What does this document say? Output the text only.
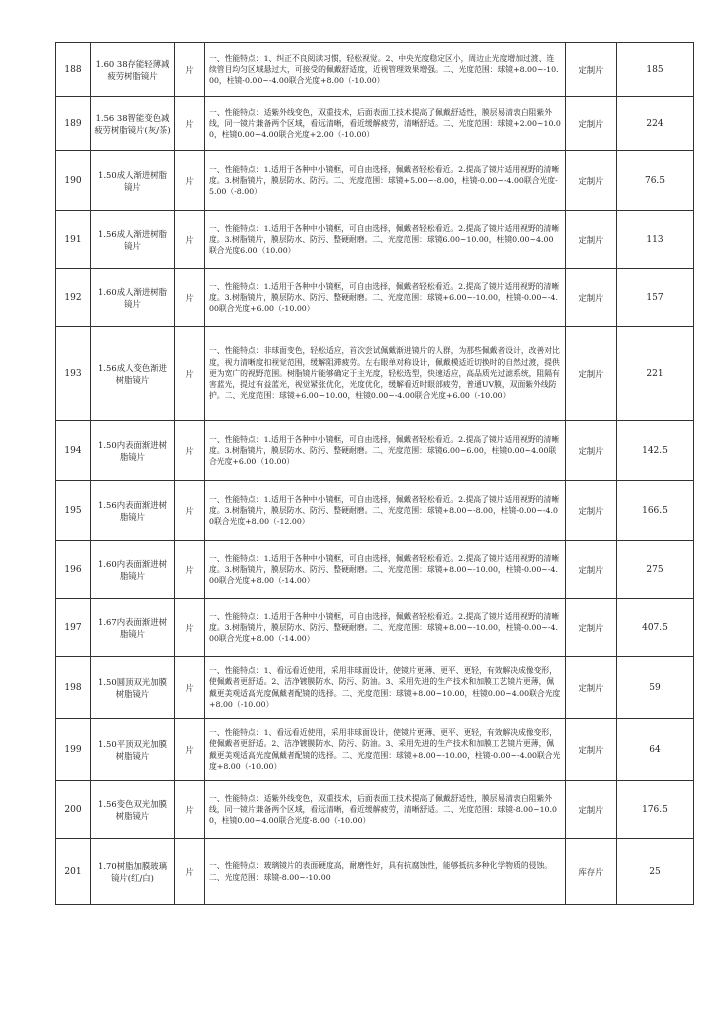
188	1.60 38存能轻薄减疲劳树脂镜片	片	一、性能特点：1、纠正不良阅读习惯，轻松视觉。2、中央光度稳定区小，周边止光度增加过渡、连续管目均匀区域悬过大，可接受的佩戴舒适度，近视管理效果增强。二、光度范围：球镜+8.00~-10.00，柱镜-0.00~-4.00联合光度+8.00（-10.00）	定制片	185
189	1.56 38智能变色减疲劳树脂镜片(灰/茶)	片	一、性能特点：适紫外线变色，双重技术，后面表面工技术提高了佩戴舒适性，膜层易清衷白阻紫外线，同一镜片兼备两个区域，看远清晰，看近缓解疲劳，清晰舒适。二、光度范围：球镜+2.00~10.00，柱镜0.00~4.00联合光度+2.00（-10.00）	定制片	224
190	1.50成人渐进树脂镜片	片	一、性能特点：1.适用于各种中小镜框，可自由选择，佩戴者轻松看近。2.提高了镜片适用视野的清晰度。3.树脂镜片，膜层防水、防污。二、光度范围：球镜+5.00~-8.00，柱镜-0.00~-4.00联合光度-5.00（-8.00）	定制片	76.5
191	1.56成人渐进树脂镜片	片	一、性能特点：1.适用于各种中小镜框，可自由选择，佩戴者轻松看近。2.提高了镜片适用视野的清晰度。3.树脂镜片，膜层防水、防污、整硬耐磨。二、光度范围：球镜6.00~10.00，柱镜0.00~4.00联合光度6.00（10.00）	定制片	113
192	1.60成人渐进树脂镜片	片	一、性能特点：1.适用于各种中小镜框，可自由选择，佩戴者轻松看近。2.提高了镜片适用视野的清晰度。3.树脂镜片，膜层防水、防污、整硬耐磨。二、光度范围：球镜+6.00~-10.00，柱镜-0.00~-4.00联合光度+6.00（-10.00）	定制片	157
193	1.56成人变色渐进树脂镜片	片	一、性能特点：非球面变色，轻松适应，首次尝试佩戴渐进镜片的人群，为那些佩戴者设计，改善对比度，视力清晰度扣视觉范围，缓解阻滞疲劳。左右眼单对称设计，佩戴模适近切换时的自然过渡，提供更为宽广的视野范围。树脂镜片能够确定于主光度，轻松选型，快速适应，高品质光过滤系统，阻隔有害蓝光，提过有益蓝光，视觉紧张优化，光度优化，缓解看近时眼部疲劳，普通UV膜，双面紫外线防护。二、光度范围：球镜+6.00~10.00，柱镜0.00~-4.00联合光度+6.00（-10.00）	定制片	221
194	1.50内表面渐进树脂镜片	片	一、性能特点：1.适用于各种中小镜框，可自由选择，佩戴者轻松看近。2.提高了镜片适用视野的清晰度。3.树脂镜片，膜层防水、防污、整硬耐磨。二、光度范围：球镜6.00~6.00，柱镜0.00~4.00联合光度+6.00（10.00）	定制片	142.5
195	1.56内表面渐进树脂镜片	片	一、性能特点：1.适用于各种中小镜框，可自由选择，佩戴者轻松看近。2.提高了镜片适用视野的清晰度。3.树脂镜片，膜层防水、防污、整硬耐磨。二、光度范围：球镜+8.00~-8.00，柱镜-0.00~-4.00联合光度+8.00（-12.00）	定制片	166.5
196	1.60内表面渐进树脂镜片	片	一、性能特点：1.适用于各种中小镜框，可自由选择，佩戴者轻松看近。2.提高了镜片适用视野的清晰度。3.树脂镜片，膜层防水、防污、整硬耐磨。二、光度范围：球镜+8.00~-10.00，柱镜-0.00~-4.00联合光度+8.00（-14.00）	定制片	275
197	1.67内表面渐进树脂镜片	片	一、性能特点：1.适用于各种中小镜框，可自由选择，佩戴者轻松看近。2.提高了镜片适用视野的清晰度。3.树脂镜片，膜层防水、防污、整硬耐磨。二、光度范围：球镜+8.00~-10.00，柱镜-0.00~-4.00联合光度+8.00（-14.00）	定制片	407.5
198	1.50圆顶双光加膜树脂镜片	片	一、性能特点：1、看远看近使用，采用非球面设计，使镜片更薄、更平、更轻，有效解决成像变形，使佩戴者更舒适。2、洁净镀膜防水、防污、防油。3、采用先进的生产技术和加膜工艺镜片更薄，佩戴更美观适高光度佩戴者配镜的选择。二、光度范围：球镜+8.00~10.00，柱镜0.00~4.00联合光度+8.00（-10.00）	定制片	59
199	1.50平顶双光加膜树脂镜片	片	一、性能特点：1、看远看近使用，采用非球面设计，使镜片更薄、更平、更轻，有效解决成像变形，使佩戴者更舒适。2、洁净镀膜防水、防污、防油。3、采用先进的生产技术和加膜工艺镜片更薄，佩戴更美观适高光度佩戴者配镜的选择。二、光度范围：球镜+8.00~-10.00，柱镜-0.00~-4.00联合光度+8.00（-10.00）	定制片	64
200	1.56变色双光加膜树脂镜片	片	一、性能特点：适紫外线变色，双重技术，后面表面工技术提高了佩戴舒适性，膜层易清衷白阻紫外线，同一镜片兼备两个区域，看远清晰，看近缓解疲劳，清晰舒适。二、光度范围：球镜-8.00~10.00，柱镜0.00~4.00联合光度-8.00（-10.00）	定制片	176.5
201	1.70树脂加膜玻璃镜片(红/白)	片	一、性能特点：玻璃镜片的表面硬度高，耐磨性好，具有抗腐蚀性，能够抵抗多种化学物质的侵蚀。二、光度范围：球镜-8.00~-10.00	库存片	25
